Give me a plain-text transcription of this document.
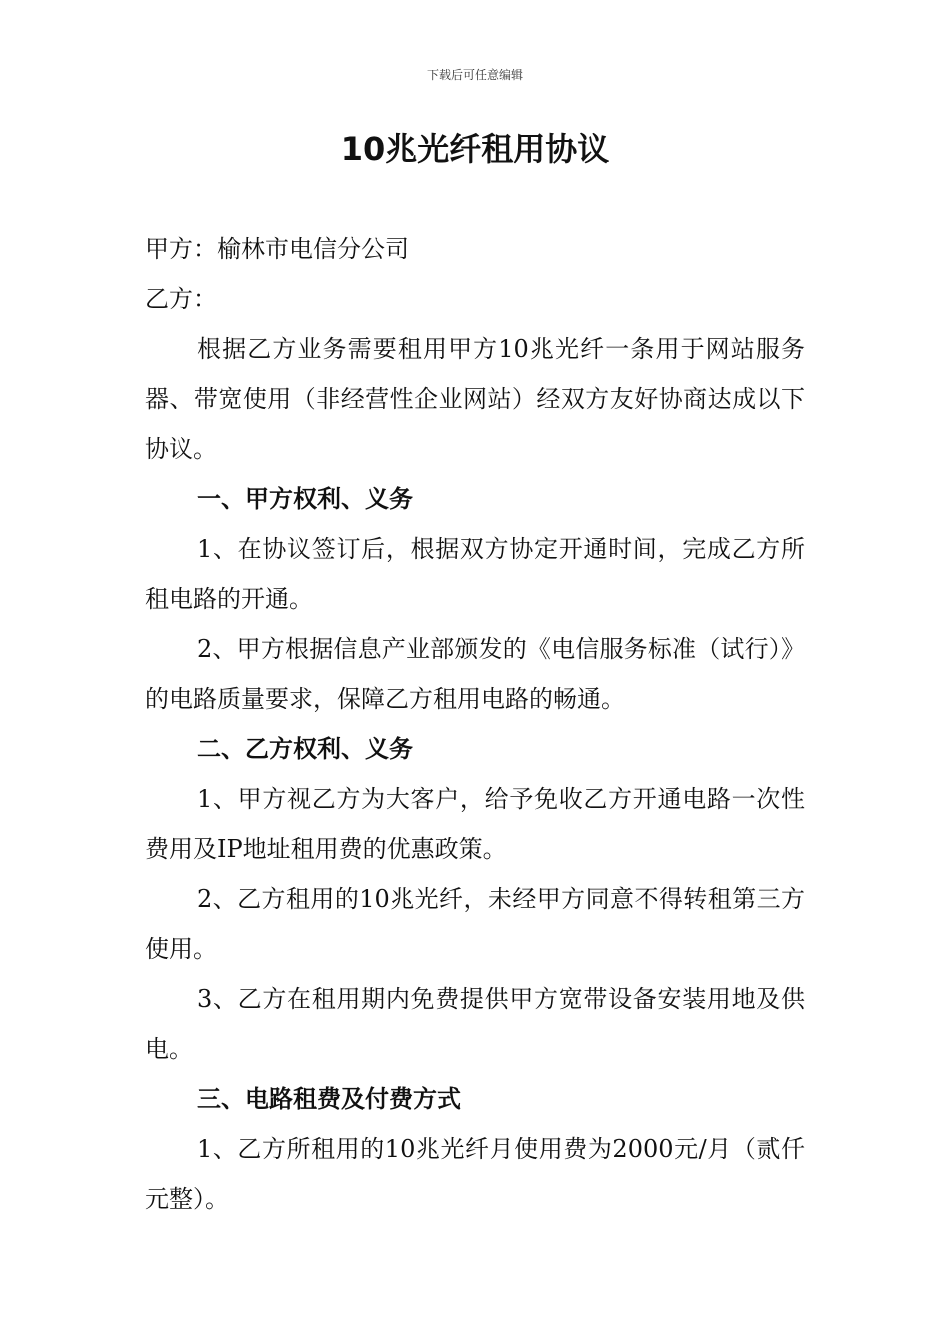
下载后可任意编辑
10兆光纤租用协议

甲方：榆林市电信分公司

乙方：

根据乙方业务需要租用甲方10兆光纤一条用于网站服务器、带宽使用（非经营性企业网站）经双方友好协商达成以下协议。

一、甲方权利、义务

1、在协议签订后，根据双方协定开通时间，完成乙方所租电路的开通。

2、甲方根据信息产业部颁发的《电信服务标准（试行）》的电路质量要求，保障乙方租用电路的畅通。

二、乙方权利、义务

1、甲方视乙方为大客户，给予免收乙方开通电路一次性费用及IP地址租用费的优惠政策。

2、乙方租用的10兆光纤，未经甲方同意不得转租第三方使用。

3、乙方在租用期内免费提供甲方宽带设备安装用地及供电。

三、电路租费及付费方式

1、乙方所租用的10兆光纤月使用费为2000元/月（贰仟元整）。
